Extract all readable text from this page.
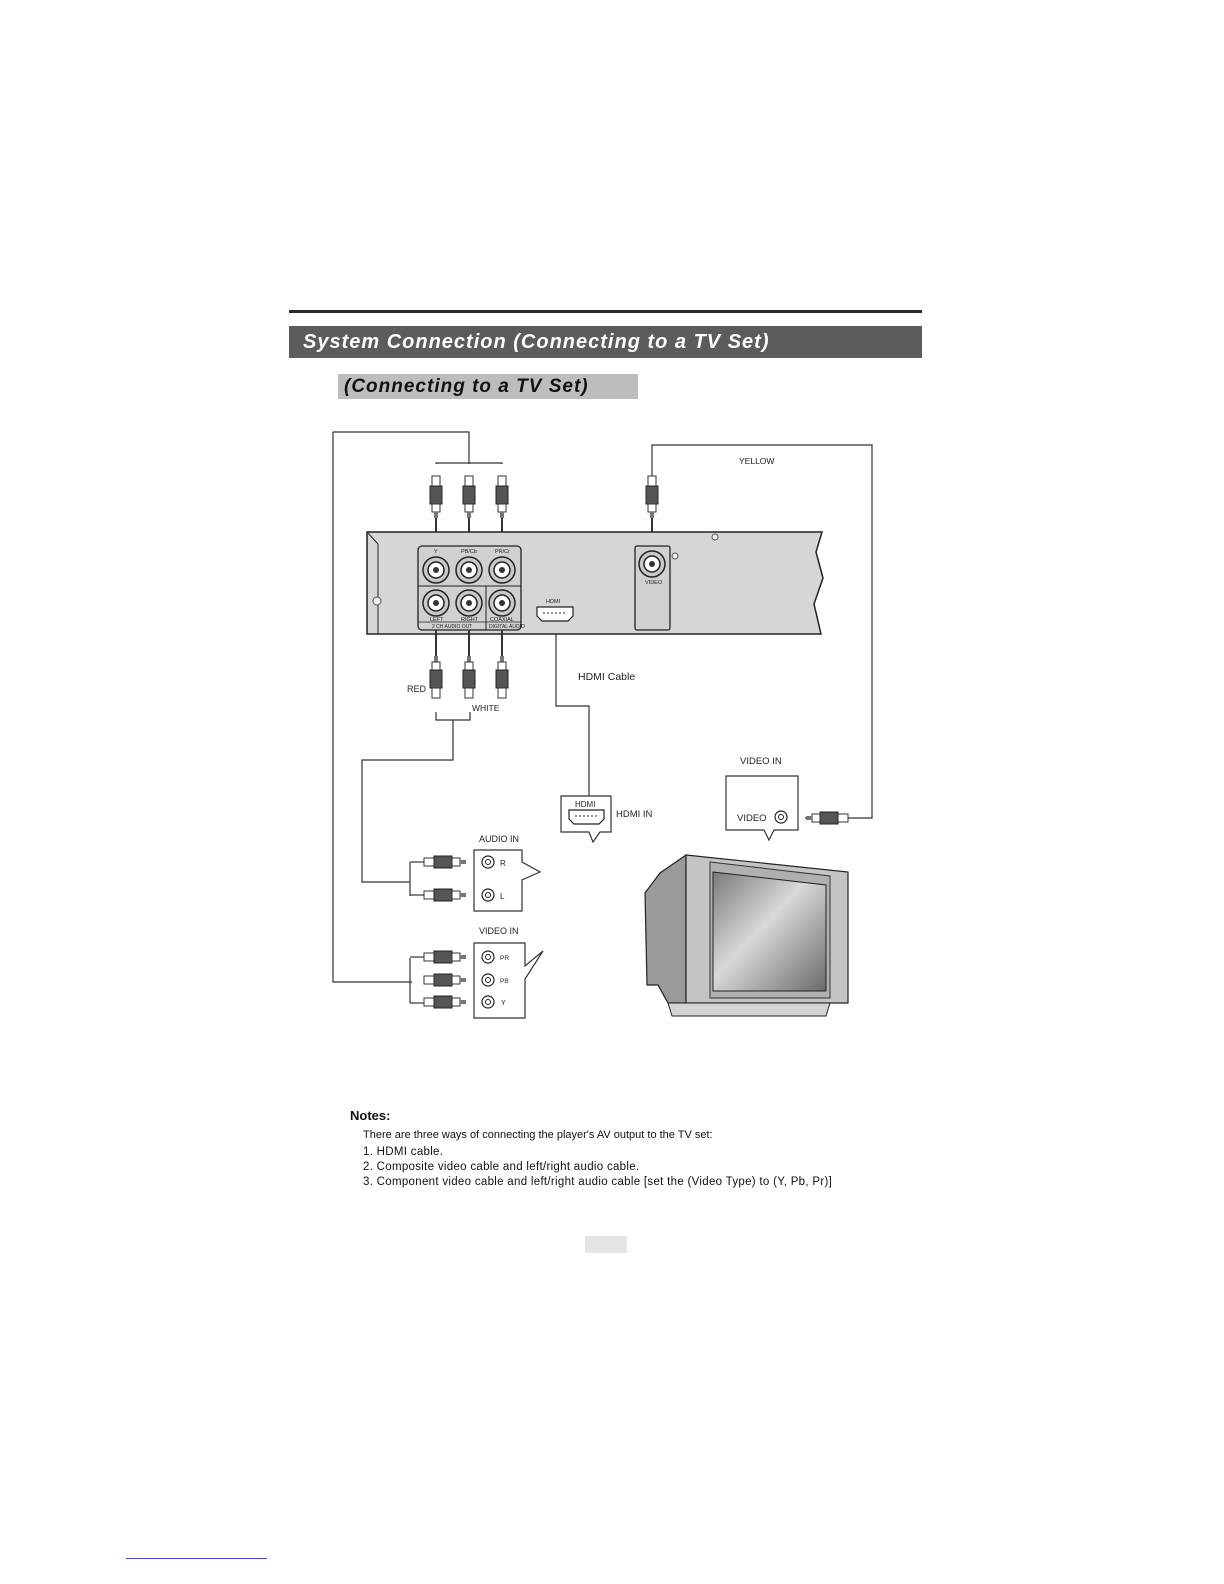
System Connection (Connecting to a TV Set)
(Connecting to a TV Set)
YELLOW
Y	PB/Cb	PR/Cr
LEFT	RIGHT COAXIAL
2 CH AUDIO OUT	DIGITAL AUDIO
HDMI
VIDEO
RED
WHITE
HDMI Cable
HDMI
HDMI IN
VIDEO IN
VIDEO
AUDIO IN
R
L
VIDEO IN
PR
PB
Y
Notes:
There are three ways of connecting the player's AV output to the TV set:
1. HDMI cable.
2. Composite video cable and left/right audio cable.
3. Component video cable and left/right audio cable [set the (Video Type) to (Y, Pb, Pr)]
